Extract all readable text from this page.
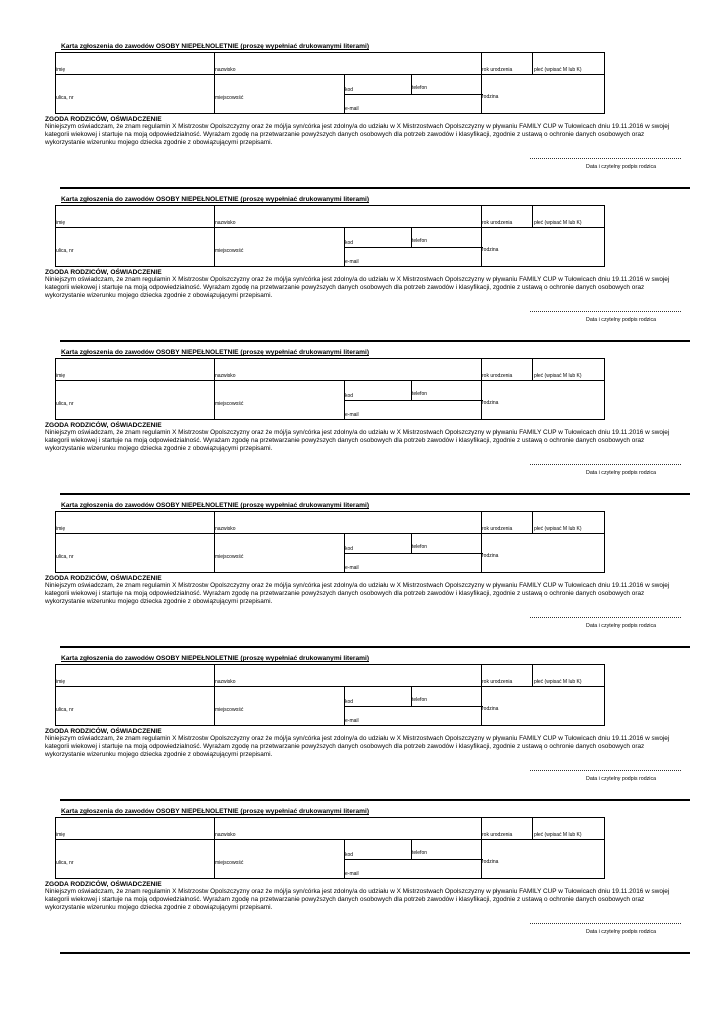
Karta zgłoszenia do zawodów OSOBY NIEPEŁNOLETNIE (proszę wypełniać drukowanymi literami)
imię	nazwisko	rok urodzenia	płeć (wpisać M lub K)
ulica, nr	miejscowość
kod	telefon
e-mail
rodzina
ZGODA RODZICÓW, OŚWIADCZENIE
Niniejszym oświadczam, że znam regulamin X Mistrzostw Opolszczyzny oraz że mój/ja syn/córka jest zdolny/a do udziału w X Mistrzostwach Opolszczyzny w pływaniu FAMILY CUP w Tułowicach dniu 19.11.2016 w swojej kategorii wiekowej i startuje na moją odpowiedzialność. Wyrażam zgodę na przetwarzanie powyższych danych osobowych dla potrzeb zawodów i klasyfikacji, zgodnie z ustawą o ochronie danych osobowych oraz wykorzystanie wizerunku mojego dziecka zgodnie z obowiązującymi przepisami.
Data i czytelny podpis rodzica
Karta zgłoszenia do zawodów OSOBY NIEPEŁNOLETNIE (proszę wypełniać drukowanymi literami)
imię	nazwisko	rok urodzenia	płeć (wpisać M lub K)
ulica, nr	miejscowość
kod	telefon
e-mail
rodzina
ZGODA RODZICÓW, OŚWIADCZENIE
Niniejszym oświadczam, że znam regulamin X Mistrzostw Opolszczyzny oraz że mój/ja syn/córka jest zdolny/a do udziału w X Mistrzostwach Opolszczyzny w pływaniu FAMILY CUP w Tułowicach dniu 19.11.2016 w swojej kategorii wiekowej i startuje na moją odpowiedzialność. Wyrażam zgodę na przetwarzanie powyższych danych osobowych dla potrzeb zawodów i klasyfikacji, zgodnie z ustawą o ochronie danych osobowych oraz wykorzystanie wizerunku mojego dziecka zgodnie z obowiązującymi przepisami.
Data i czytelny podpis rodzica
Karta zgłoszenia do zawodów OSOBY NIEPEŁNOLETNIE (proszę wypełniać drukowanymi literami)
imię	nazwisko	rok urodzenia	płeć (wpisać M lub K)
ulica, nr	miejscowość
kod	telefon
e-mail
rodzina
ZGODA RODZICÓW, OŚWIADCZENIE
Niniejszym oświadczam, że znam regulamin X Mistrzostw Opolszczyzny oraz że mój/ja syn/córka jest zdolny/a do udziału w X Mistrzostwach Opolszczyzny w pływaniu FAMILY CUP w Tułowicach dniu 19.11.2016 w swojej kategorii wiekowej i startuje na moją odpowiedzialność. Wyrażam zgodę na przetwarzanie powyższych danych osobowych dla potrzeb zawodów i klasyfikacji, zgodnie z ustawą o ochronie danych osobowych oraz wykorzystanie wizerunku mojego dziecka zgodnie z obowiązującymi przepisami.
Data i czytelny podpis rodzica
Karta zgłoszenia do zawodów OSOBY NIEPEŁNOLETNIE (proszę wypełniać drukowanymi literami)
imię	nazwisko	rok urodzenia	płeć (wpisać M lub K)
ulica, nr	miejscowość
kod	telefon
e-mail
rodzina
ZGODA RODZICÓW, OŚWIADCZENIE
Niniejszym oświadczam, że znam regulamin X Mistrzostw Opolszczyzny oraz że mój/ja syn/córka jest zdolny/a do udziału w X Mistrzostwach Opolszczyzny w pływaniu FAMILY CUP w Tułowicach dniu 19.11.2016 w swojej kategorii wiekowej i startuje na moją odpowiedzialność. Wyrażam zgodę na przetwarzanie powyższych danych osobowych dla potrzeb zawodów i klasyfikacji, zgodnie z ustawą o ochronie danych osobowych oraz wykorzystanie wizerunku mojego dziecka zgodnie z obowiązującymi przepisami.
Data i czytelny podpis rodzica
Karta zgłoszenia do zawodów OSOBY NIEPEŁNOLETNIE (proszę wypełniać drukowanymi literami)
imię	nazwisko	rok urodzenia	płeć (wpisać M lub K)
ulica, nr	miejscowość
kod	telefon
e-mail
rodzina
ZGODA RODZICÓW, OŚWIADCZENIE
Niniejszym oświadczam, że znam regulamin X Mistrzostw Opolszczyzny oraz że mój/ja syn/córka jest zdolny/a do udziału w X Mistrzostwach Opolszczyzny w pływaniu FAMILY CUP w Tułowicach dniu 19.11.2016 w swojej kategorii wiekowej i startuje na moją odpowiedzialność. Wyrażam zgodę na przetwarzanie powyższych danych osobowych dla potrzeb zawodów i klasyfikacji, zgodnie z ustawą o ochronie danych osobowych oraz wykorzystanie wizerunku mojego dziecka zgodnie z obowiązującymi przepisami.
Data i czytelny podpis rodzica
Karta zgłoszenia do zawodów OSOBY NIEPEŁNOLETNIE (proszę wypełniać drukowanymi literami)
imię	nazwisko	rok urodzenia	płeć (wpisać M lub K)
ulica, nr	miejscowość
kod	telefon
e-mail
rodzina
ZGODA RODZICÓW, OŚWIADCZENIE
Niniejszym oświadczam, że znam regulamin X Mistrzostw Opolszczyzny oraz że mój/ja syn/córka jest zdolny/a do udziału w X Mistrzostwach Opolszczyzny w pływaniu FAMILY CUP w Tułowicach dniu 19.11.2016 w swojej kategorii wiekowej i startuje na moją odpowiedzialność. Wyrażam zgodę na przetwarzanie powyższych danych osobowych dla potrzeb zawodów i klasyfikacji, zgodnie z ustawą o ochronie danych osobowych oraz wykorzystanie wizerunku mojego dziecka zgodnie z obowiązującymi przepisami.
Data i czytelny podpis rodzica
